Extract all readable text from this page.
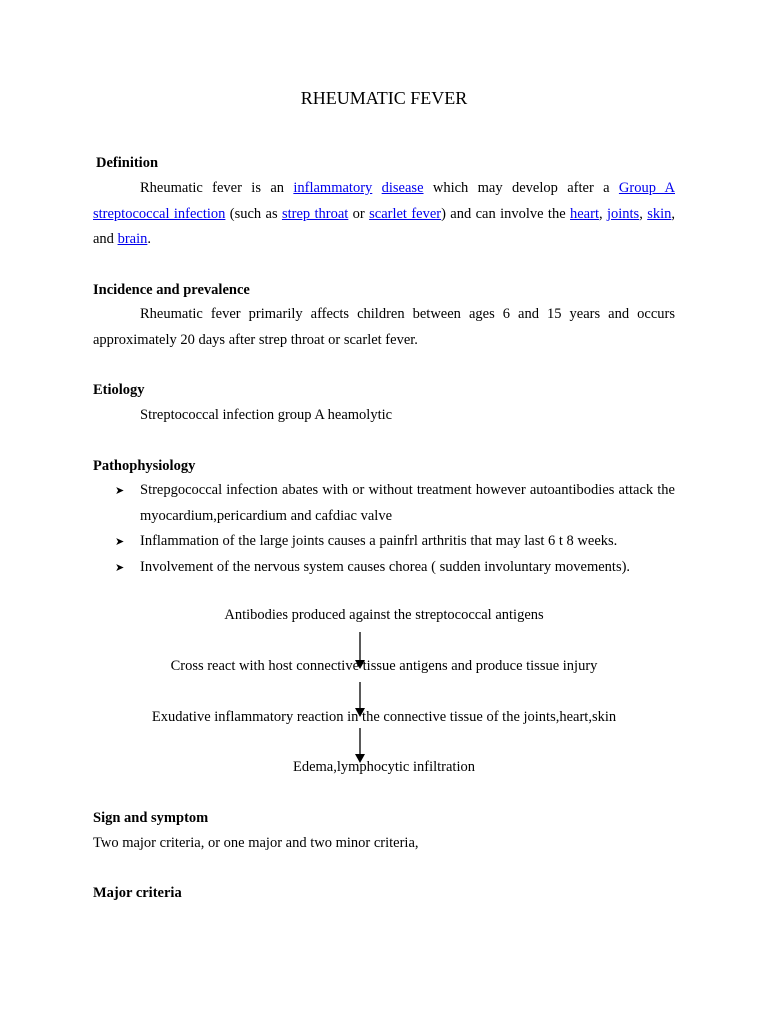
RHEUMATIC FEVER
Definition
Rheumatic fever is an inflammatory disease which may develop after a Group A streptococcal infection (such as strep throat or scarlet fever) and can involve the heart, joints, skin, and brain.
Incidence and prevalence
Rheumatic fever primarily affects children between ages 6 and 15 years and occurs approximately 20 days after strep throat or scarlet fever.
Etiology
Streptococcal infection group A heamolytic
Pathophysiology
➤ Strepgococcal infection abates with or without treatment however autoantibodies attack the myocardium,pericardium and cafdiac valve
➤ Inflammation of the large joints causes a painfrl arthritis that may last 6 t 8 weeks.
➤ Involvement of the nervous system causes chorea ( sudden involuntary movements).
Antibodies produced against the streptococcal antigens
Cross react with host connective tissue antigens and produce tissue injury
Exudative inflammatory reaction in the connective tissue of the joints,heart,skin
Edema,lymphocytic infiltration
Sign and symptom
Two major criteria, or one major and two minor criteria,
Major criteria
